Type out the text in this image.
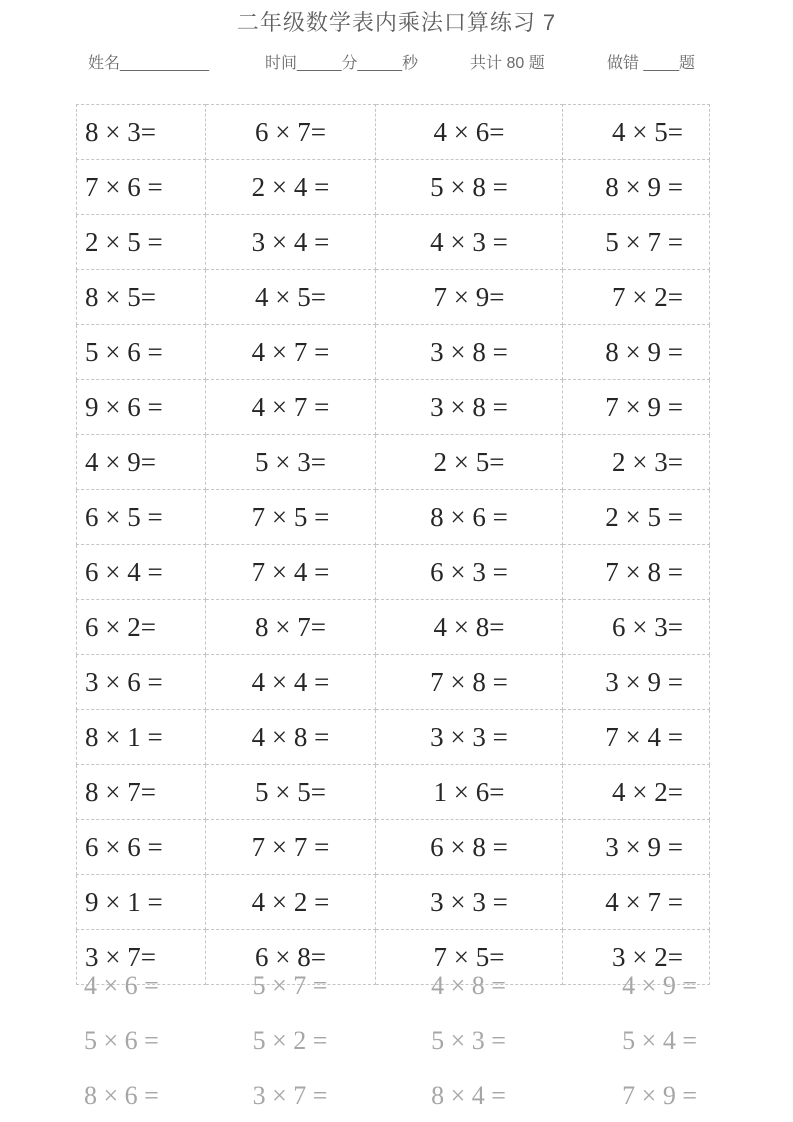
二年级数学表内乘法口算练习 7
姓名__________	时间_____分_____秒	共计 80 题	做错 ____题
8 × 3=	6 × 7=	4 × 6=	4 × 5=
7 × 6 =	2 × 4 =	5 × 8 =	8 × 9 =
2 × 5 =	3 × 4 =	4 × 3 =	5 × 7 =
8 × 5=	4 × 5=	7 × 9=	7 × 2=
5 × 6 =	4 × 7 =	3 × 8 =	8 × 9 =
9 × 6 =	4 × 7 =	3 × 8 =	7 × 9 =
4 × 9=	5 × 3=	2 × 5=	2 × 3=
6 × 5 =	7 × 5 =	8 × 6 =	2 × 5 =
6 × 4 =	7 × 4 =	6 × 3 =	7 × 8 =
6 × 2=	8 × 7=	4 × 8=	6 × 3=
3 × 6 =	4 × 4 =	7 × 8 =	3 × 9 =
8 × 1 =	4 × 8 =	3 × 3 =	7 × 4 =
8 × 7=	5 × 5=	1 × 6=	4 × 2=
6 × 6 =	7 × 7 =	6 × 8 =	3 × 9 =
9 × 1 =	4 × 2 =	3 × 3 =	4 × 7 =
3 × 7=	6 × 8=	7 × 5=	3 × 2=
4 × 6 =	5 × 7 =	4 × 8 =	4 × 9 =
5 × 6 =	5 × 2 =	5 × 3 =	5 × 4 =
8 × 6 =	3 × 7 =	8 × 4 =	7 × 9 =
